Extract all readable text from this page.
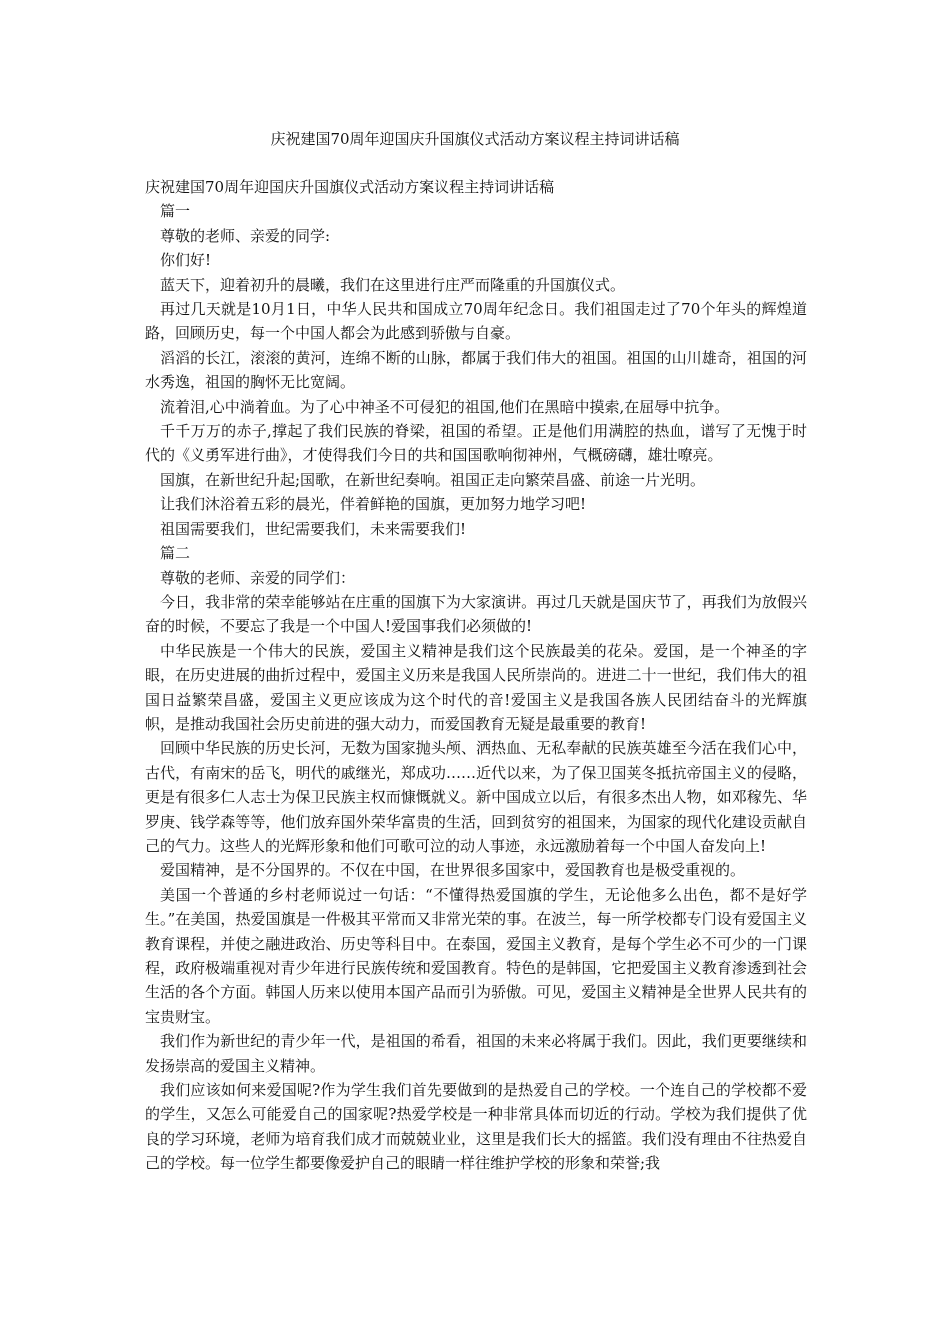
庆祝建国70周年迎国庆升国旗仪式活动方案议程主持词讲话稿

庆祝建国70周年迎国庆升国旗仪式活动方案议程主持词讲话稿

篇一

尊敬的老师、亲爱的同学:

你们好!

蓝天下，迎着初升的晨曦，我们在这里进行庄严而隆重的升国旗仪式。

再过几天就是10月1日，中华人民共和国成立70周年纪念日。我们祖国走过了70个年头的辉煌道路，回顾历史，每一个中国人都会为此感到骄傲与自豪。

滔滔的长江，滚滚的黄河，连绵不断的山脉，都属于我们伟大的祖国。祖国的山川雄奇，祖国的河水秀逸，祖国的胸怀无比宽阔。

流着泪,心中淌着血。为了心中神圣不可侵犯的祖国,他们在黑暗中摸索,在屈辱中抗争。

千千万万的赤子,撑起了我们民族的脊梁，祖国的希望。正是他们用满腔的热血，谱写了无愧于时代的《义勇军进行曲》，才使得我们今日的共和国国歌响彻神州，气概磅礴，雄壮嘹亮。

国旗，在新世纪升起;国歌，在新世纪奏响。祖国正走向繁荣昌盛、前途一片光明。

让我们沐浴着五彩的晨光，伴着鲜艳的国旗，更加努力地学习吧!

祖国需要我们，世纪需要我们，未来需要我们!

篇二

尊敬的老师、亲爱的同学们：

今日，我非常的荣幸能够站在庄重的国旗下为大家演讲。再过几天就是国庆节了，再我们为放假兴奋的时候，不要忘了我是一个中国人!爱国事我们必须做的!

中华民族是一个伟大的民族，爱国主义精神是我们这个民族最美的花朵。爱国，是一个神圣的字眼，在历史进展的曲折过程中，爱国主义历来是我国人民所崇尚的。进进二十一世纪，我们伟大的祖国日益繁荣昌盛，爱国主义更应该成为这个时代的音!爱国主义是我国各族人民团结奋斗的光辉旗帜，是推动我国社会历史前进的强大动力，而爱国教育无疑是最重要的教育!

回顾中华民族的历史长河，无数为国家抛头颅、洒热血、无私奉献的民族英雄至今活在我们心中，古代，有南宋的岳飞，明代的戚继光，郑成功……近代以来，为了保卫国荚冬抵抗帝国主义的侵略，更是有很多仁人志士为保卫民族主权而慷慨就义。新中国成立以后，有很多杰出人物，如邓稼先、华罗庚、钱学森等等，他们放弃国外荣华富贵的生活，回到贫穷的祖国来，为国家的现代化建设贡献自己的气力。这些人的光辉形象和他们可歌可泣的动人事迹，永远激励着每一个中国人奋发向上!

爱国精神，是不分国界的。不仅在中国，在世界很多国家中，爱国教育也是极受重视的。

美国一个普通的乡村老师说过一句话：“不懂得热爱国旗的学生，无论他多么出色，都不是好学生。”在美国，热爱国旗是一件极其平常而又非常光荣的事。在波兰，每一所学校都专门设有爱国主义教育课程，并使之融进政治、历史等科目中。在泰国，爱国主义教育，是每个学生必不可少的一门课程，政府极端重视对青少年进行民族传统和爱国教育。特色的是韩国，它把爱国主义教育渗透到社会生活的各个方面。韩国人历来以使用本国产品而引为骄傲。可见，爱国主义精神是全世界人民共有的宝贵财宝。

我们作为新世纪的青少年一代，是祖国的希看，祖国的未来必将属于我们。因此，我们更要继续和发扬崇高的爱国主义精神。

我们应该如何来爱国呢?作为学生我们首先要做到的是热爱自己的学校。一个连自己的学校都不爱的学生，又怎么可能爱自己的国家呢?热爱学校是一种非常具体而切近的行动。学校为我们提供了优良的学习环境，老师为培育我们成才而兢兢业业，这里是我们长大的摇篮。我们没有理由不往热爱自己的学校。每一位学生都要像爱护自己的眼睛一样往维护学校的形象和荣誉;我
